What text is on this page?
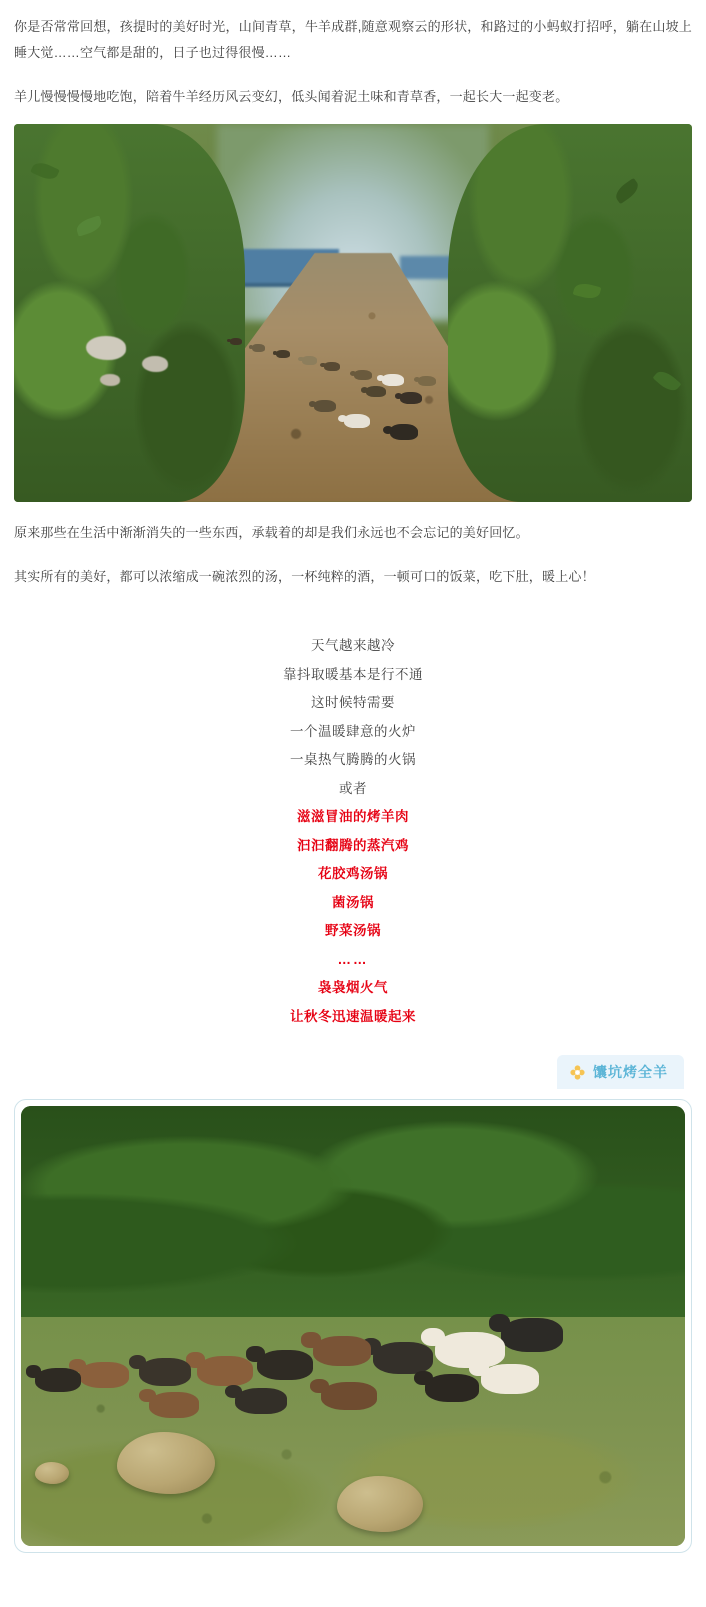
你是否常常回想，孩提时的美好时光，山间青草，牛羊成群,随意观察云的形状，和路过的小蚂蚁打招呼，躺在山坡上睡大觉……空气都是甜的，日子也过得很慢……

羊儿慢慢慢慢地吃饱，陪着牛羊经历风云变幻，低头闻着泥土味和青草香，一起长大一起变老。

原来那些在生活中渐渐消失的一些东西，承载着的却是我们永远也不会忘记的美好回忆。

其实所有的美好，都可以浓缩成一碗浓烈的汤，一杯纯粹的酒，一顿可口的饭菜，吃下肚，暖上心！

天气越来越冷
靠抖取暖基本是行不通
这时候特需要
一个温暖肆意的火炉
一桌热气腾腾的火锅
或者
滋滋冒油的烤羊肉
汩汩翻腾的蒸汽鸡
花胶鸡汤锅
菌汤锅
野菜汤锅
……
袅袅烟火气
让秋冬迅速温暖起来
馕坑烤全羊
